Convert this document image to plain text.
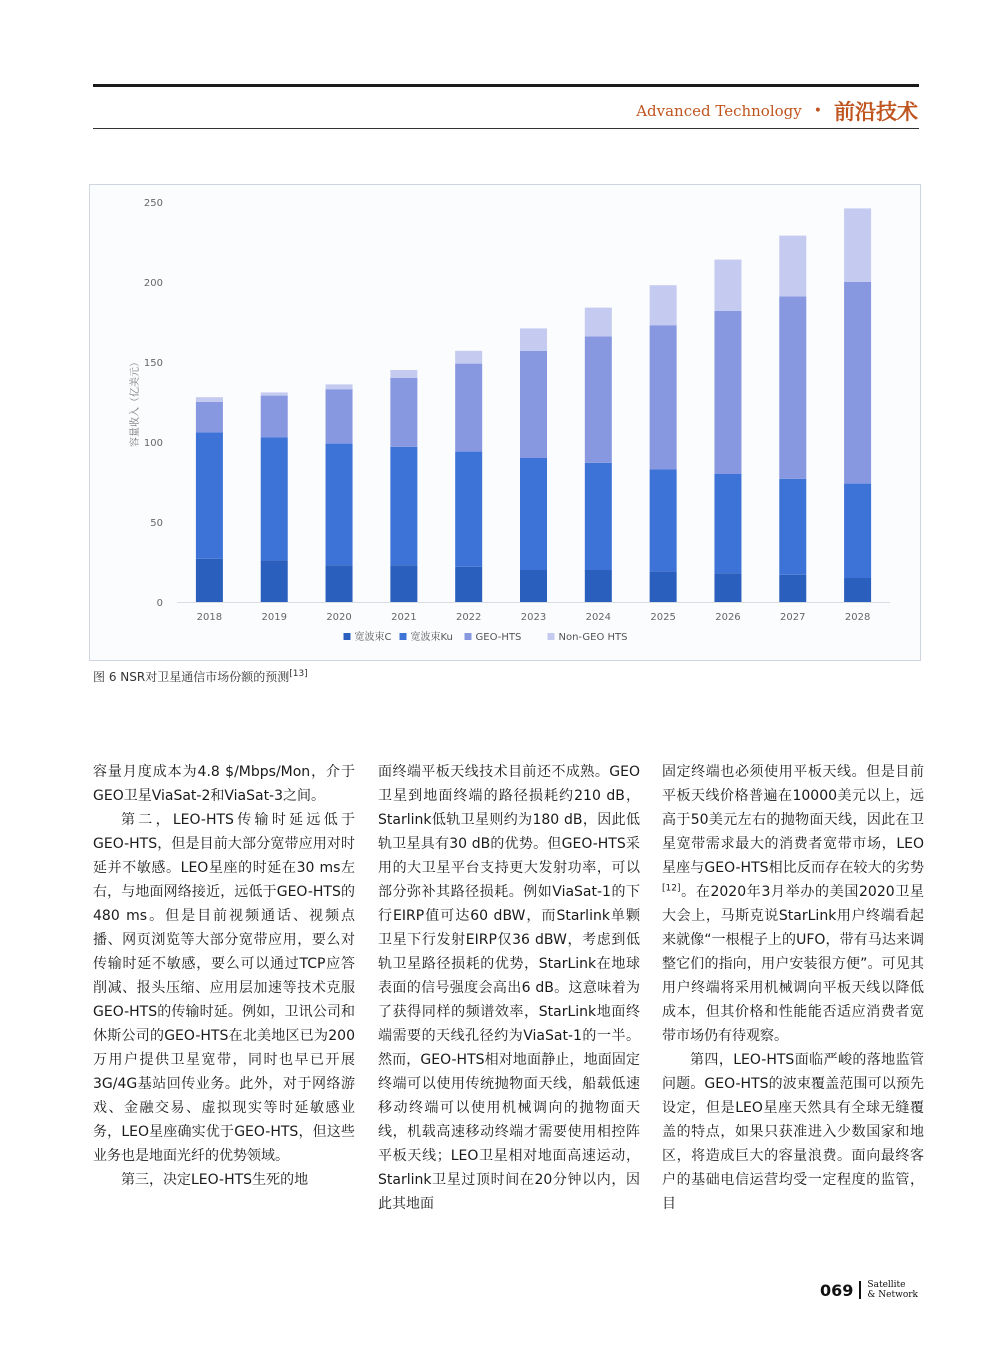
Advanced Technology • 前沿技术
0
50
100
150
200
250
容量收入（亿美元）
2018	2019	2020	2021	2022	2023	2024	2025	2026	2027	2028
宽波束C 宽波束Ku GEO-HTS	Non-GEO HTS
图 6 NSR对卫星通信市场份额的预测[13]

容量月度成本为4.8 $/Mbps/Mon，介于GEO卫星ViaSat-2和ViaSat-3之间。

第二，LEO-HTS传输时延远低于GEO-HTS，但是目前大部分宽带应用对时延并不敏感。LEO星座的时延在30 ms左右，与地面网络接近，远低于GEO-HTS的480 ms。但是目前视频通话、视频点播、网页浏览等大部分宽带应用，要么对传输时延不敏感，要么可以通过TCP应答削减、报头压缩、应用层加速等技术克服GEO-HTS的传输时延。例如，卫讯公司和休斯公司的GEO-HTS在北美地区已为200万用户提供卫星宽带，同时也早已开展3G/4G基站回传业务。此外，对于网络游戏、金融交易、虚拟现实等时延敏感业务，LEO星座确实优于GEO-HTS，但这些业务也是地面光纤的优势领域。

第三，决定LEO-HTS生死的地

面终端平板天线技术目前还不成熟。GEO卫星到地面终端的路径损耗约210 dB，Starlink低轨卫星则约为180 dB，因此低轨卫星具有30 dB的优势。但GEO-HTS采用的大卫星平台支持更大发射功率，可以部分弥补其路径损耗。例如ViaSat-1的下行EIRP值可达60 dBW，而Starlink单颗卫星下行发射EIRP仅36 dBW，考虑到低轨卫星路径损耗的优势，StarLink在地球表面的信号强度会高出6 dB。这意味着为了获得同样的频谱效率，StarLink地面终端需要的天线孔径约为ViaSat-1的一半。然而，GEO-HTS相对地面静止，地面固定终端可以使用传统抛物面天线，船载低速移动终端可以使用机械调向的抛物面天线，机载高速移动终端才需要使用相控阵平板天线；LEO卫星相对地面高速运动，Starlink卫星过顶时间在20分钟以内，因此其地面

固定终端也必须使用平板天线。但是目前平板天线价格普遍在10000美元以上，远高于50美元左右的抛物面天线，因此在卫星宽带需求最大的消费者宽带市场，LEO星座与GEO-HTS相比反而存在较大的劣势[12]。在2020年3月举办的美国2020卫星大会上，马斯克说StarLink用户终端看起来就像“一根棍子上的UFO，带有马达来调整它们的指向，用户安装很方便”。可见其用户终端将采用机械调向平板天线以降低成本，但其价格和性能能否适应消费者宽带市场仍有待观察。

第四，LEO-HTS面临严峻的落地监管问题。GEO-HTS的波束覆盖范围可以预先设定，但是LEO星座天然具有全球无缝覆盖的特点，如果只获准进入少数国家和地区，将造成巨大的容量浪费。面向最终客户的基础电信运营均受一定程度的监管，目

069 Satellite
& Network
